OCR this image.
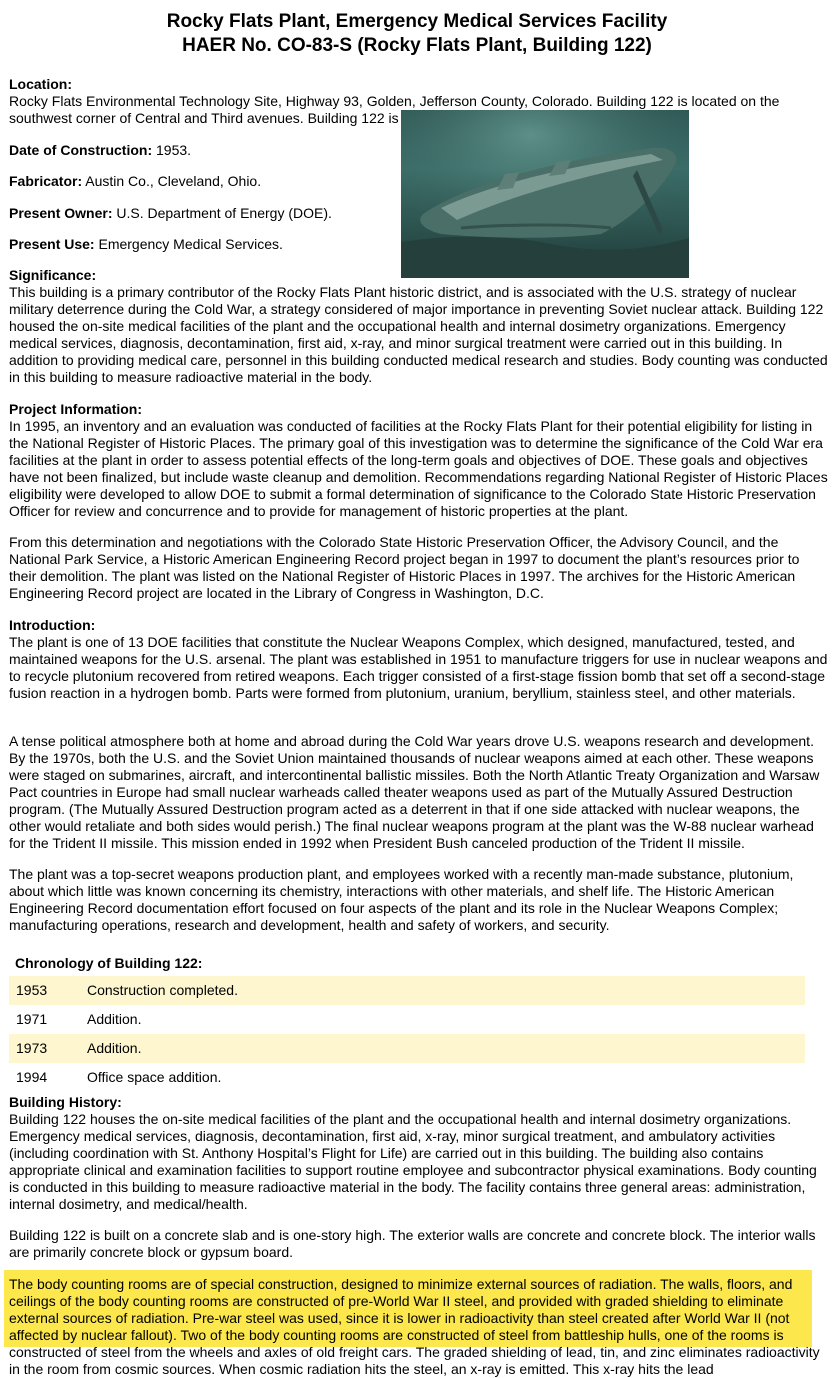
Rocky Flats Plant, Emergency Medical Services Facility
HAER No. CO-83-S (Rocky Flats Plant, Building 122)
Location:
Rocky Flats Environmental Technology Site, Highway 93, Golden, Jefferson County, Colorado. Building 122 is located on the
southwest corner of Central and Third avenues. Building 122 is
Date of Construction: 1953.
Fabricator: Austin Co., Cleveland, Ohio.
Present Owner: U.S. Department of Energy (DOE).
Present Use: Emergency Medical Services.
Significance:

This building is a primary contributor of the Rocky Flats Plant historic district, and is associated with the U.S. strategy of nuclear military deterrence during the Cold War, a strategy considered of major importance in preventing Soviet nuclear attack. Building 122 housed the on-site medical facilities of the plant and the occupational health and internal dosimetry organizations. Emergency medical services, diagnosis, decontamination, first aid, x-ray, and minor surgical treatment were carried out in this building. In addition to providing medical care, personnel in this building conducted medical research and studies. Body counting was conducted in this building to measure radioactive material in the body.

Project Information:

In 1995, an inventory and an evaluation was conducted of facilities at the Rocky Flats Plant for their potential eligibility for listing in the National Register of Historic Places. The primary goal of this investigation was to determine the significance of the Cold War era facilities at the plant in order to assess potential effects of the long-term goals and objectives of DOE. These goals and objectives have not been finalized, but include waste cleanup and demolition. Recommendations regarding National Register of Historic Places eligibility were developed to allow DOE to submit a formal determination of significance to the Colorado State Historic Preservation Officer for review and concurrence and to provide for management of historic properties at the plant.

From this determination and negotiations with the Colorado State Historic Preservation Officer, the Advisory Council, and the National Park Service, a Historic American Engineering Record project began in 1997 to document the plant’s resources prior to their demolition. The plant was listed on the National Register of Historic Places in 1997. The archives for the Historic American Engineering Record project are located in the Library of Congress in Washington, D.C.

Introduction:

The plant is one of 13 DOE facilities that constitute the Nuclear Weapons Complex, which designed, manufactured, tested, and maintained weapons for the U.S. arsenal. The plant was established in 1951 to manufacture triggers for use in nuclear weapons and to recycle plutonium recovered from retired weapons. Each trigger consisted of a first-stage fission bomb that set off a second-stage fusion reaction in a hydrogen bomb. Parts were formed from plutonium, uranium, beryllium, stainless steel, and other materials.

A tense political atmosphere both at home and abroad during the Cold War years drove U.S. weapons research and development. By the 1970s, both the U.S. and the Soviet Union maintained thousands of nuclear weapons aimed at each other. These weapons were staged on submarines, aircraft, and intercontinental ballistic missiles. Both the North Atlantic Treaty Organization and Warsaw Pact countries in Europe had small nuclear warheads called theater weapons used as part of the Mutually Assured Destruction program. (The Mutually Assured Destruction program acted as a deterrent in that if one side attacked with nuclear weapons, the other would retaliate and both sides would perish.) The final nuclear weapons program at the plant was the W-88 nuclear warhead for the Trident II missile. This mission ended in 1992 when President Bush canceled production of the Trident II missile.

The plant was a top-secret weapons production plant, and employees worked with a recently man-made substance, plutonium, about which little was known concerning its chemistry, interactions with other materials, and shelf life. The Historic American Engineering Record documentation effort focused on four aspects of the plant and its role in the Nuclear Weapons Complex; manufacturing operations, research and development, health and safety of workers, and security.

Chronology of Building 122:
1953	Construction completed.
1971	Addition.
1973	Addition.
1994	Office space addition.
Building History:

Building 122 houses the on-site medical facilities of the plant and the occupational health and internal dosimetry organizations. Emergency medical services, diagnosis, decontamination, first aid, x-ray, minor surgical treatment, and ambulatory activities (including coordination with St. Anthony Hospital’s Flight for Life) are carried out in this building. The building also contains appropriate clinical and examination facilities to support routine employee and subcontractor physical examinations. Body counting is conducted in this building to measure radioactive material in the body. The facility contains three general areas: administration, internal dosimetry, and medical/health.

Building 122 is built on a concrete slab and is one-story high. The exterior walls are concrete and concrete block. The interior walls are primarily concrete block or gypsum board.

The body counting rooms are of special construction, designed to minimize external sources of radiation. The walls, floors, and ceilings of the body counting rooms are constructed of pre-World War II steel, and provided with graded shielding to eliminate external sources of radiation. Pre-war steel was used, since it is lower in radioactivity than steel created after World War II (not affected by nuclear fallout). Two of the body counting rooms are constructed of steel from battleship hulls, one of the rooms is constructed of steel from the wheels and axles of old freight cars. The graded shielding of lead, tin, and zinc eliminates radioactivity in the room from cosmic sources. When cosmic radiation hits the steel, an x-ray is emitted. This x-ray hits the lead
